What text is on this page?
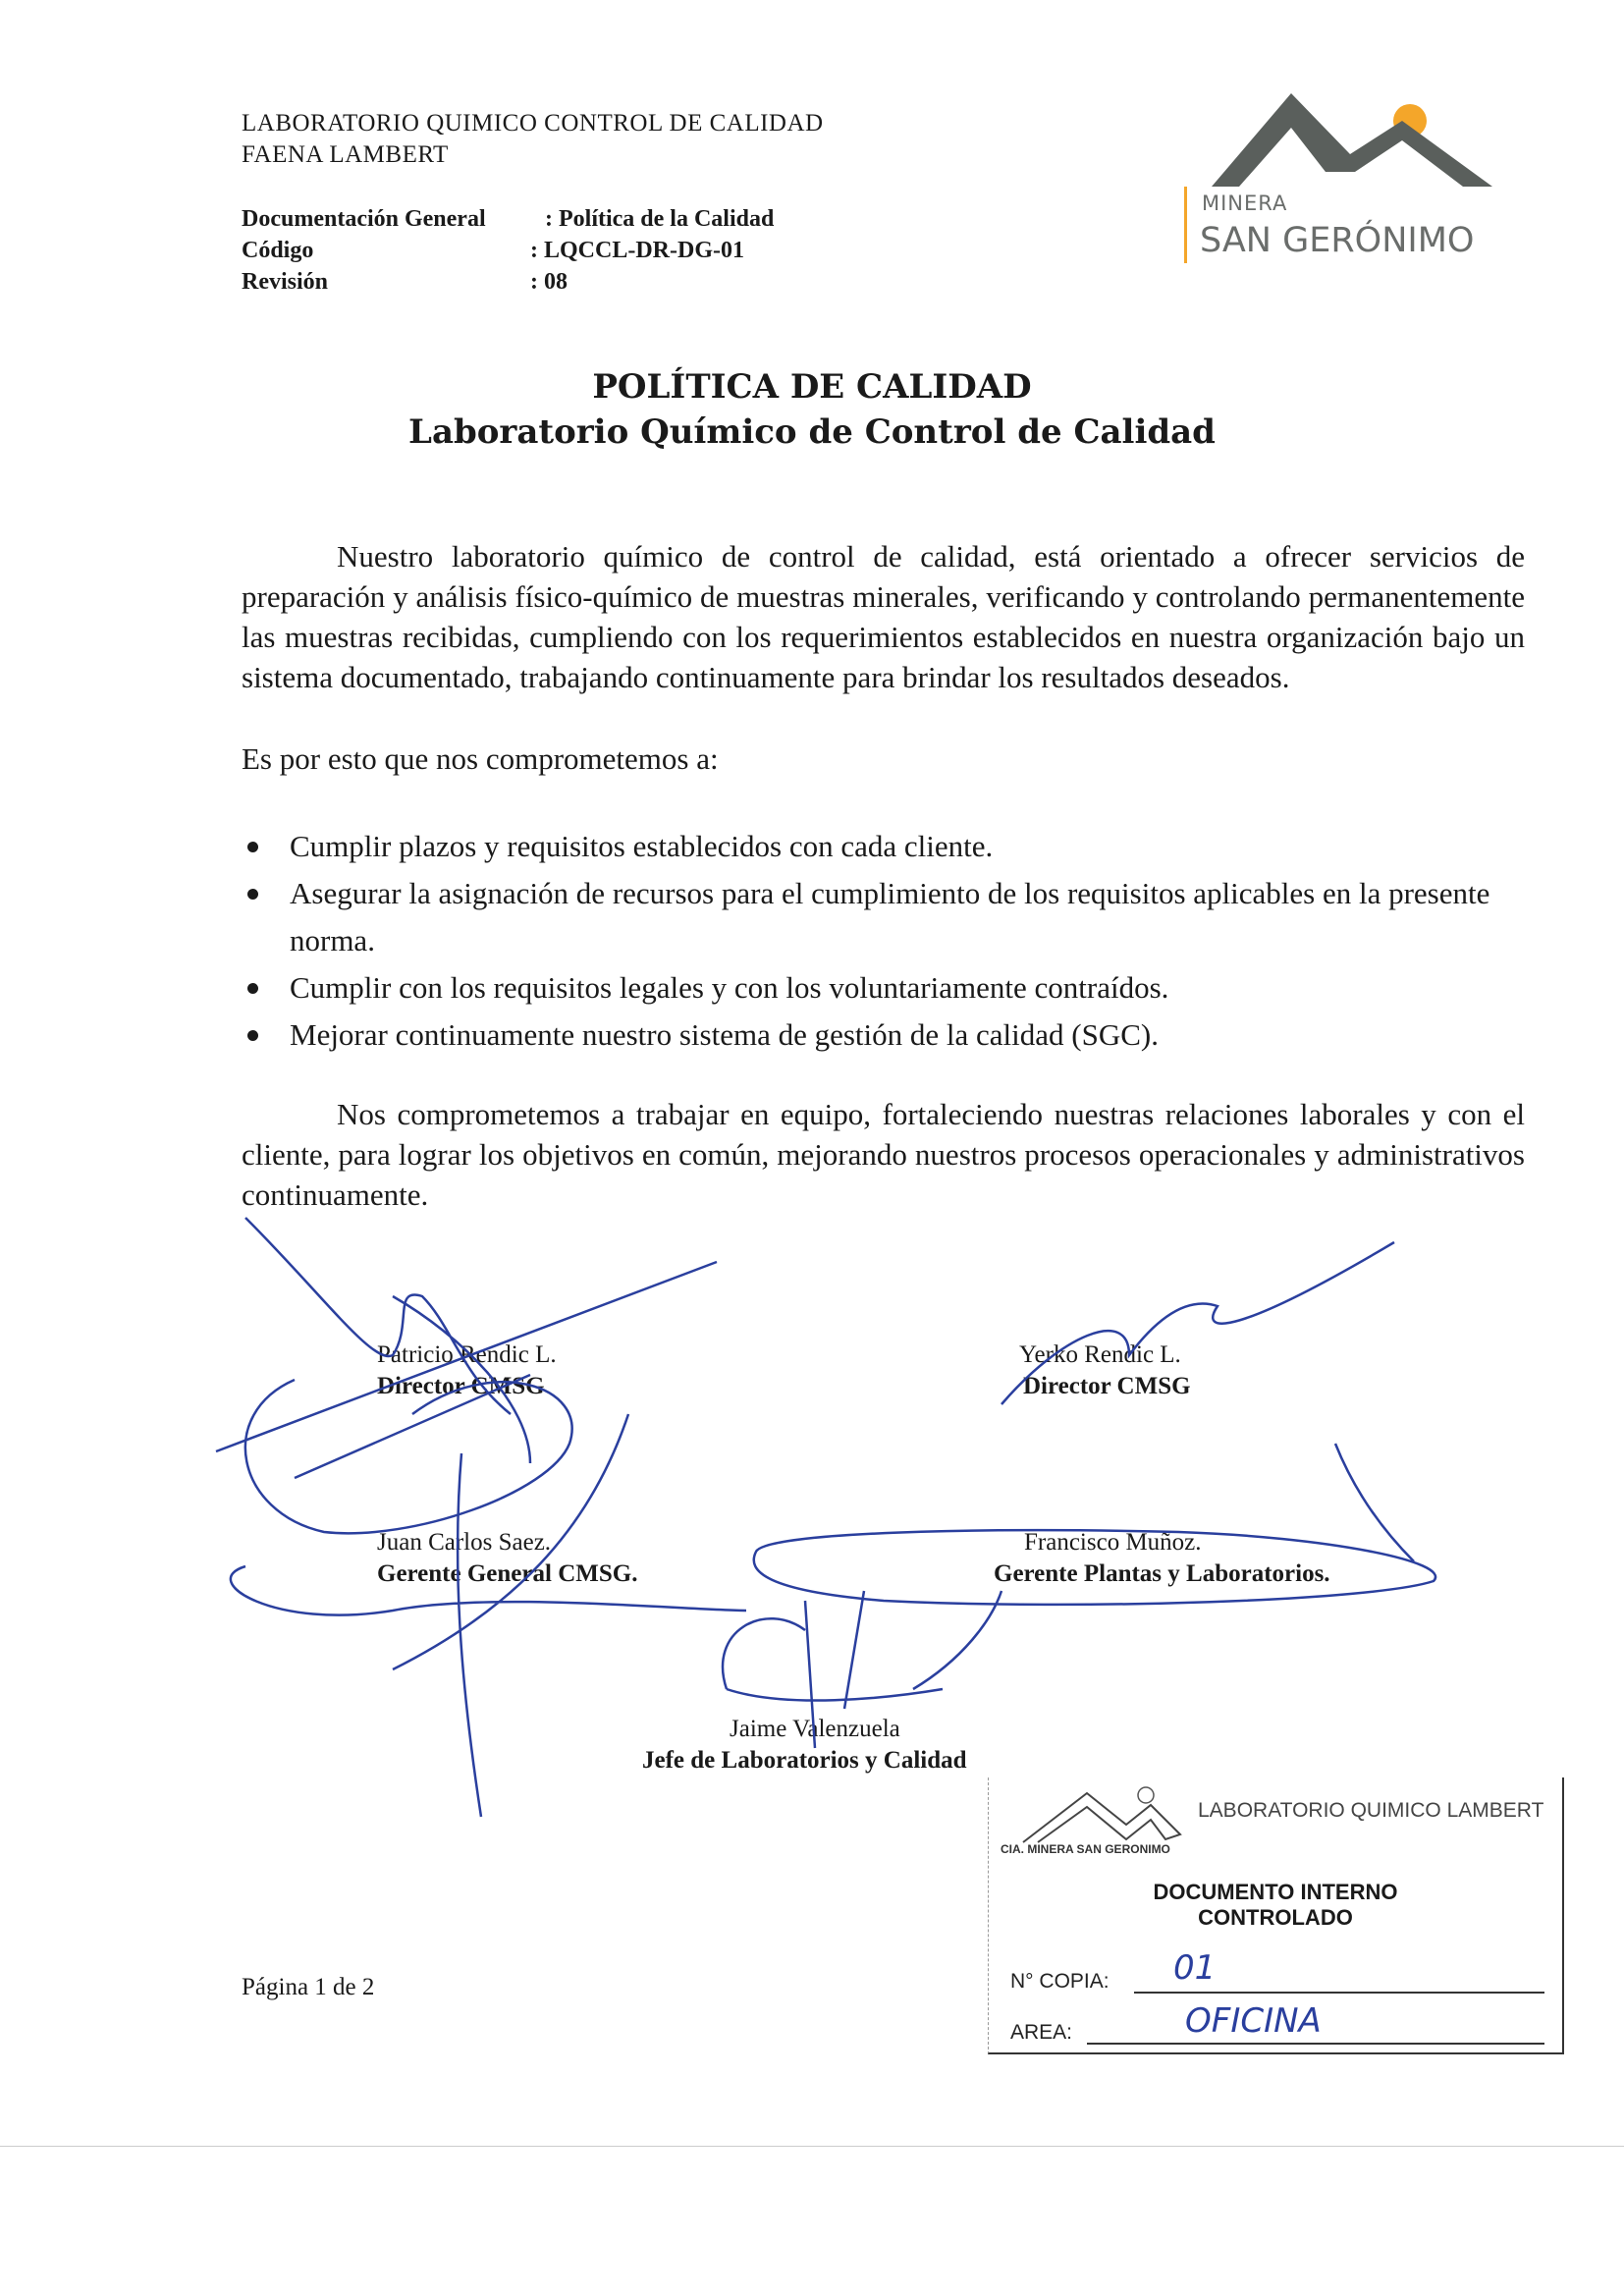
LABORATORIO QUIMICO CONTROL DE CALIDAD
FAENA LAMBERT
Documentación General	: Política de la Calidad
Código	: LQCCL-DR-DG-01
Revisión	: 08
MINERA
SAN GERÓNIMO
POLÍTICA DE CALIDAD
Laboratorio Químico de Control de Calidad
Nuestro laboratorio químico de control de calidad, está orientado a ofrecer servicios de preparación y análisis físico-químico de muestras minerales, verificando y controlando permanentemente las muestras recibidas, cumpliendo con los requerimientos establecidos en nuestra organización bajo un sistema documentado, trabajando continuamente para brindar los resultados deseados.
Es por esto que nos comprometemos a:
Cumplir plazos y requisitos establecidos con cada cliente.
Asegurar la asignación de recursos para el cumplimiento de los requisitos aplicables en la presente norma.
Cumplir con los requisitos legales y con los voluntariamente contraídos.
Mejorar continuamente nuestro sistema de gestión de la calidad (SGC).
Nos comprometemos a trabajar en equipo, fortaleciendo nuestras relaciones laborales y con el cliente, para lograr los objetivos en común, mejorando nuestros procesos operacionales y administrativos continuamente.
Patricio Rendic L.
Director CMSG
Yerko Rendic L.
Director CMSG
Juan Carlos Saez.
Gerente General CMSG.
Francisco Muñoz.
Gerente Plantas y Laboratorios.
Jaime Valenzuela
Jefe de Laboratorios y Calidad
Página 1 de 2
LABORATORIO QUIMICO LAMBERT
CIA. MINERA SAN GERONIMO
DOCUMENTO INTERNO
CONTROLADO
N° COPIA: 01
AREA:	OFICINA
